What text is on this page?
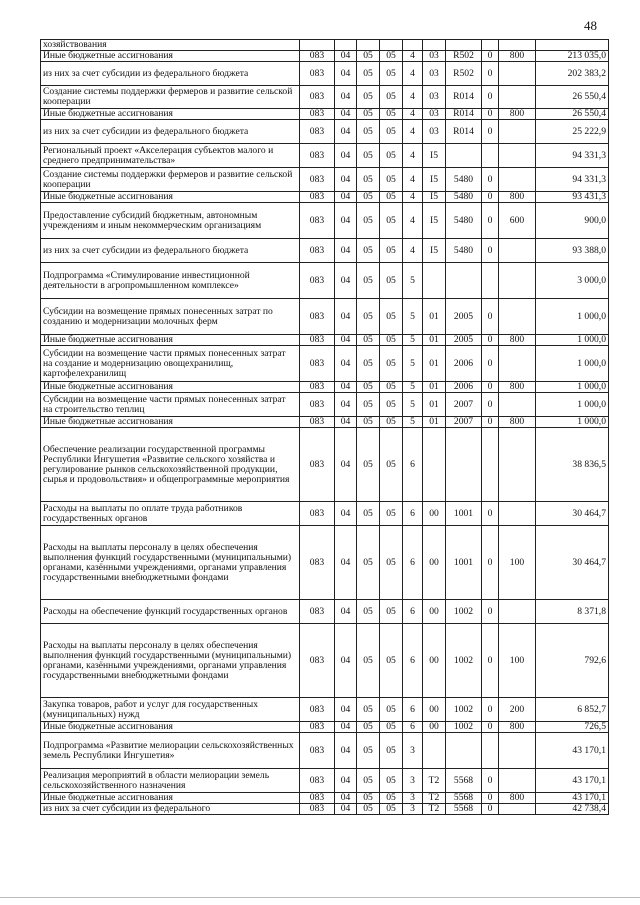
48
хозяйствования										
Иные бюджетные ассигнования	083	04	05	05	4	03	R502	0	800	213 035,0
из них за счет субсидии из федерального бюджета	083	04	05	05	4	03	R502	0		202 383,2
Создание системы поддержки фермеров и развитие сельской кооперации	083	04	05	05	4	03	R014	0		26 550,4
Иные бюджетные ассигнования	083	04	05	05	4	03	R014	0	800	26 550,4
из них за счет субсидии из федерального бюджета	083	04	05	05	4	03	R014	0		25 222,9
Региональный проект «Акселерация субъектов малого и среднего предпринимательства»	083	04	05	05	4	I5				94 331,3
Создание системы поддержки фермеров и развитие сельской кооперации	083	04	05	05	4	I5	5480	0		94 331,3
Иные бюджетные ассигнования	083	04	05	05	4	I5	5480	0	800	93 431,3
Предоставление субсидий бюджетным, автономным учреждениям и иным некоммерческим организациям	083	04	05	05	4	I5	5480	0	600	900,0
из них за счет субсидии из федерального бюджета	083	04	05	05	4	I5	5480	0		93 388,0
Подпрограмма «Стимулирование инвестиционной деятельности в агропромышленном комплексе»	083	04	05	05	5					3 000,0
Субсидии на возмещение прямых понесенных затрат по созданию и модернизации молочных ферм	083	04	05	05	5	01	2005	0		1 000,0
Иные бюджетные ассигнования	083	04	05	05	5	01	2005	0	800	1 000,0
Субсидии на возмещение части прямых понесенных затрат на создание и модернизацию овощехранилищ, картофелехранилищ	083	04	05	05	5	01	2006	0		1 000,0
Иные бюджетные ассигнования	083	04	05	05	5	01	2006	0	800	1 000,0
Субсидии на возмещение части прямых понесенных затрат на строительство теплиц	083	04	05	05	5	01	2007	0		1 000,0
Иные бюджетные ассигнования	083	04	05	05	5	01	2007	0	800	1 000,0
Обеспечение реализации государственной программы Республики Ингушетия «Развитие сельского хозяйства и регулирование рынков сельскохозяйственной продукции, сырья и продовольствия» и общепрограммные мероприятия	083	04	05	05	6					38 836,5
Расходы на выплаты по оплате труда работников государственных органов	083	04	05	05	6	00	1001	0		30 464,7
Расходы на выплаты персоналу в целях обеспечения выполнения функций государственными (муниципальными) органами, казёнными учреждениями, органами управления государственными внебюджетными фондами	083	04	05	05	6	00	1001	0	100	30 464,7
Расходы на обеспечение функций государственных органов	083	04	05	05	6	00	1002	0		8 371,8
Расходы на выплаты персоналу в целях обеспечения выполнения функций государственными (муниципальными) органами, казёнными учреждениями, органами управления государственными внебюджетными фондами	083	04	05	05	6	00	1002	0	100	792,6
Закупка товаров, работ и услуг для государственных (муниципальных) нужд	083	04	05	05	6	00	1002	0	200	6 852,7
Иные бюджетные ассигнования	083	04	05	05	6	00	1002	0	800	726,5
Подпрограмма «Развитие мелиорации сельскохозяйственных земель Республики Ингушетия»	083	04	05	05	3					43 170,1
Реализация мероприятий в области мелиорации земель сельскохозяйственного назначения	083	04	05	05	3	T2	5568	0		43 170,1
Иные бюджетные ассигнования	083	04	05	05	3	T2	5568	0	800	43 170,1
из них за счет субсидии из федерального	083	04	05	05	3	T2	5568	0		42 738,4
